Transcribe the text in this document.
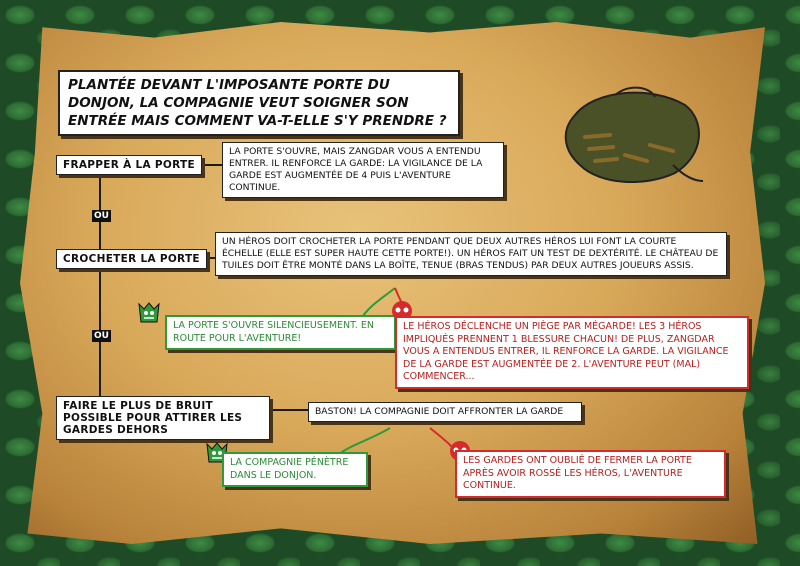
PLANTÉE DEVANT L'IMPOSANTE PORTE DU DONJON, LA COMPAGNIE VEUT SOIGNER SON ENTRÉE MAIS COMMENT VA-T-ELLE S'Y PRENDRE ?
FRAPPER À LA PORTE
LA PORTE S'OUVRE, MAIS ZANGDAR VOUS A ENTENDU ENTRER. IL RENFORCE LA GARDE: LA VIGILANCE DE LA GARDE EST AUGMENTÉE DE 4 PUIS L'AVENTURE CONTINUE.
OU
CROCHETER LA PORTE
UN HÉROS DOIT CROCHETER LA PORTE PENDANT QUE DEUX AUTRES HÉROS LUI FONT LA COURTE ÉCHELLE (ELLE EST SUPER HAUTE CETTE PORTE!). UN HÉROS FAIT UN TEST DE DEXTÉRITÉ. LE CHÂTEAU DE TUILES DOIT ÊTRE MONTÉ DANS LA BOÎTE, TENUE (BRAS TENDUS) PAR DEUX AUTRES JOUEURS ASSIS.
OU
LA PORTE S'OUVRE SILENCIEUSEMENT. EN ROUTE POUR L'AVENTURE!
LE HÉROS DÉCLENCHE UN PIÈGE PAR MÉGARDE! LES 3 HÉROS IMPLIQUÉS PRENNENT 1 BLESSURE CHACUN! DE PLUS, ZANGDAR VOUS A ENTENDUS ENTRER, IL RENFORCE LA GARDE. LA VIGILANCE DE LA GARDE EST AUGMENTÉE DE 2. L'AVENTURE PEUT (MAL) COMMENCER...
FAIRE LE PLUS DE BRUIT POSSIBLE POUR ATTIRER LES GARDES DEHORS
BASTON! LA COMPAGNIE DOIT AFFRONTER LA GARDE
LA COMPAGNIE PÉNÈTRE DANS LE DONJON.
LES GARDES ONT OUBLIÉ DE FERMER LA PORTE APRÈS AVOIR ROSSÉ LES HÉROS, L'AVENTURE CONTINUE.
